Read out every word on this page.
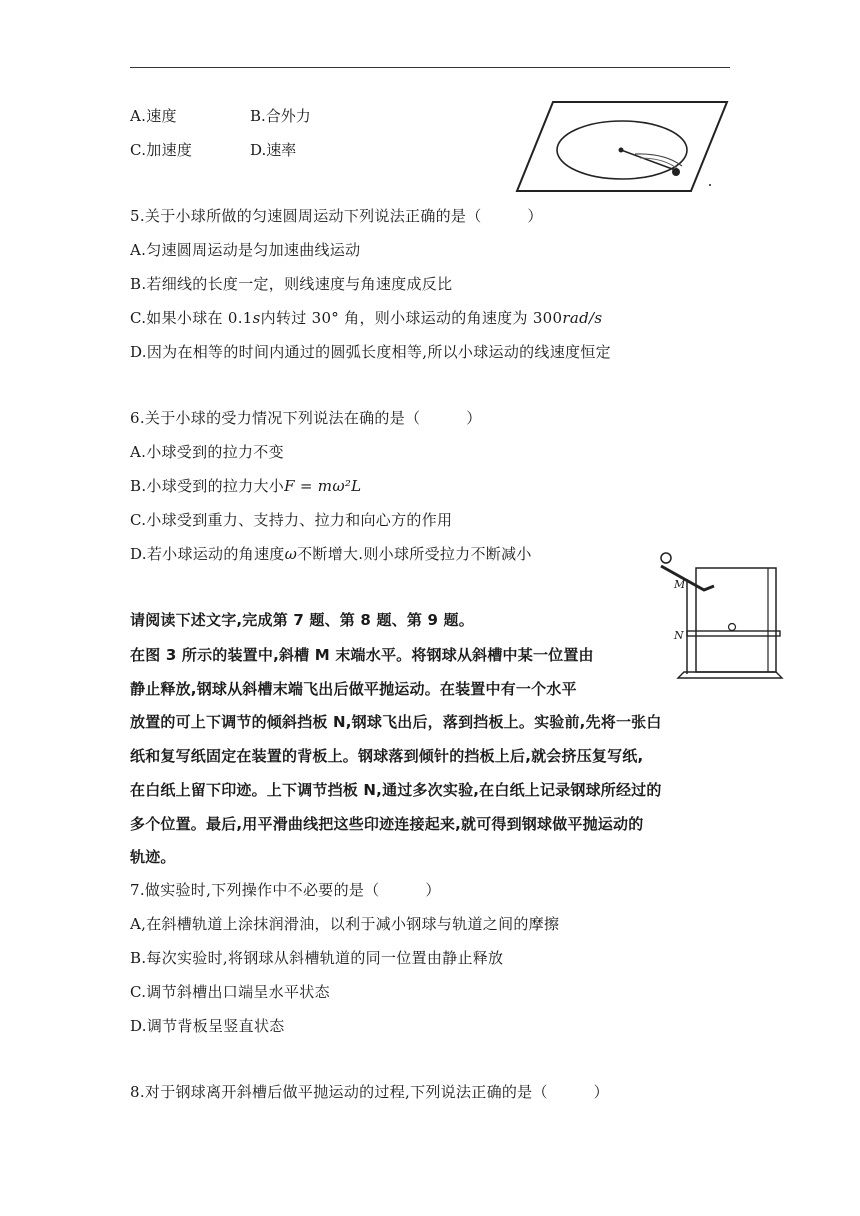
A.速度	B.合外力
C.加速度	D.速率
5.关于小球所做的匀速圆周运动下列说法正确的是（　　　）
A.匀速圆周运动是匀加速曲线运动
B.若细线的长度一定，则线速度与角速度成反比
C.如果小球在 0.1s内转过 30° 角，则小球运动的角速度为 300rad/s
D.因为在相等的时间内通过的圆弧长度相等,所以小球运动的线速度恒定
6.关于小球的受力情况下列说法在确的是（　　　）
A.小球受到的拉力不变
B.小球受到的拉力大小F = mω²L
C.小球受到重力、支持力、拉力和向心方的作用
D.若小球运动的角速度ω不断增大.则小球所受拉力不断减小
M
N
请阅读下述文字,完成第 7 题、第 8 题、第 9 题。
在图 3 所示的装置中,斜槽 M 末端水平。将钢球从斜槽中某一位置由
静止释放,钢球从斜槽末端飞出后做平抛运动。在装置中有一个水平
放置的可上下调节的倾斜挡板 N,钢球飞出后，落到挡板上。实验前,先将一张白
纸和复写纸固定在装置的背板上。钢球落到倾针的挡板上后,就会挤压复写纸,
在白纸上留下印迹。上下调节挡板 N,通过多次实验,在白纸上记录钢球所经过的
多个位置。最后,用平滑曲线把这些印迹连接起来,就可得到钢球做平抛运动的
轨迹。
7.做实验时,下列操作中不必要的是（　　　）
A,在斜槽轨道上涂抹润滑油，以利于减小钢球与轨道之间的摩擦
B.每次实验时,将钢球从斜槽轨道的同一位置由静止释放
C.调节斜槽出口端呈水平状态
D.调节背板呈竖直状态
8.对于钢球离开斜槽后做平抛运动的过程,下列说法正确的是（　　　）
